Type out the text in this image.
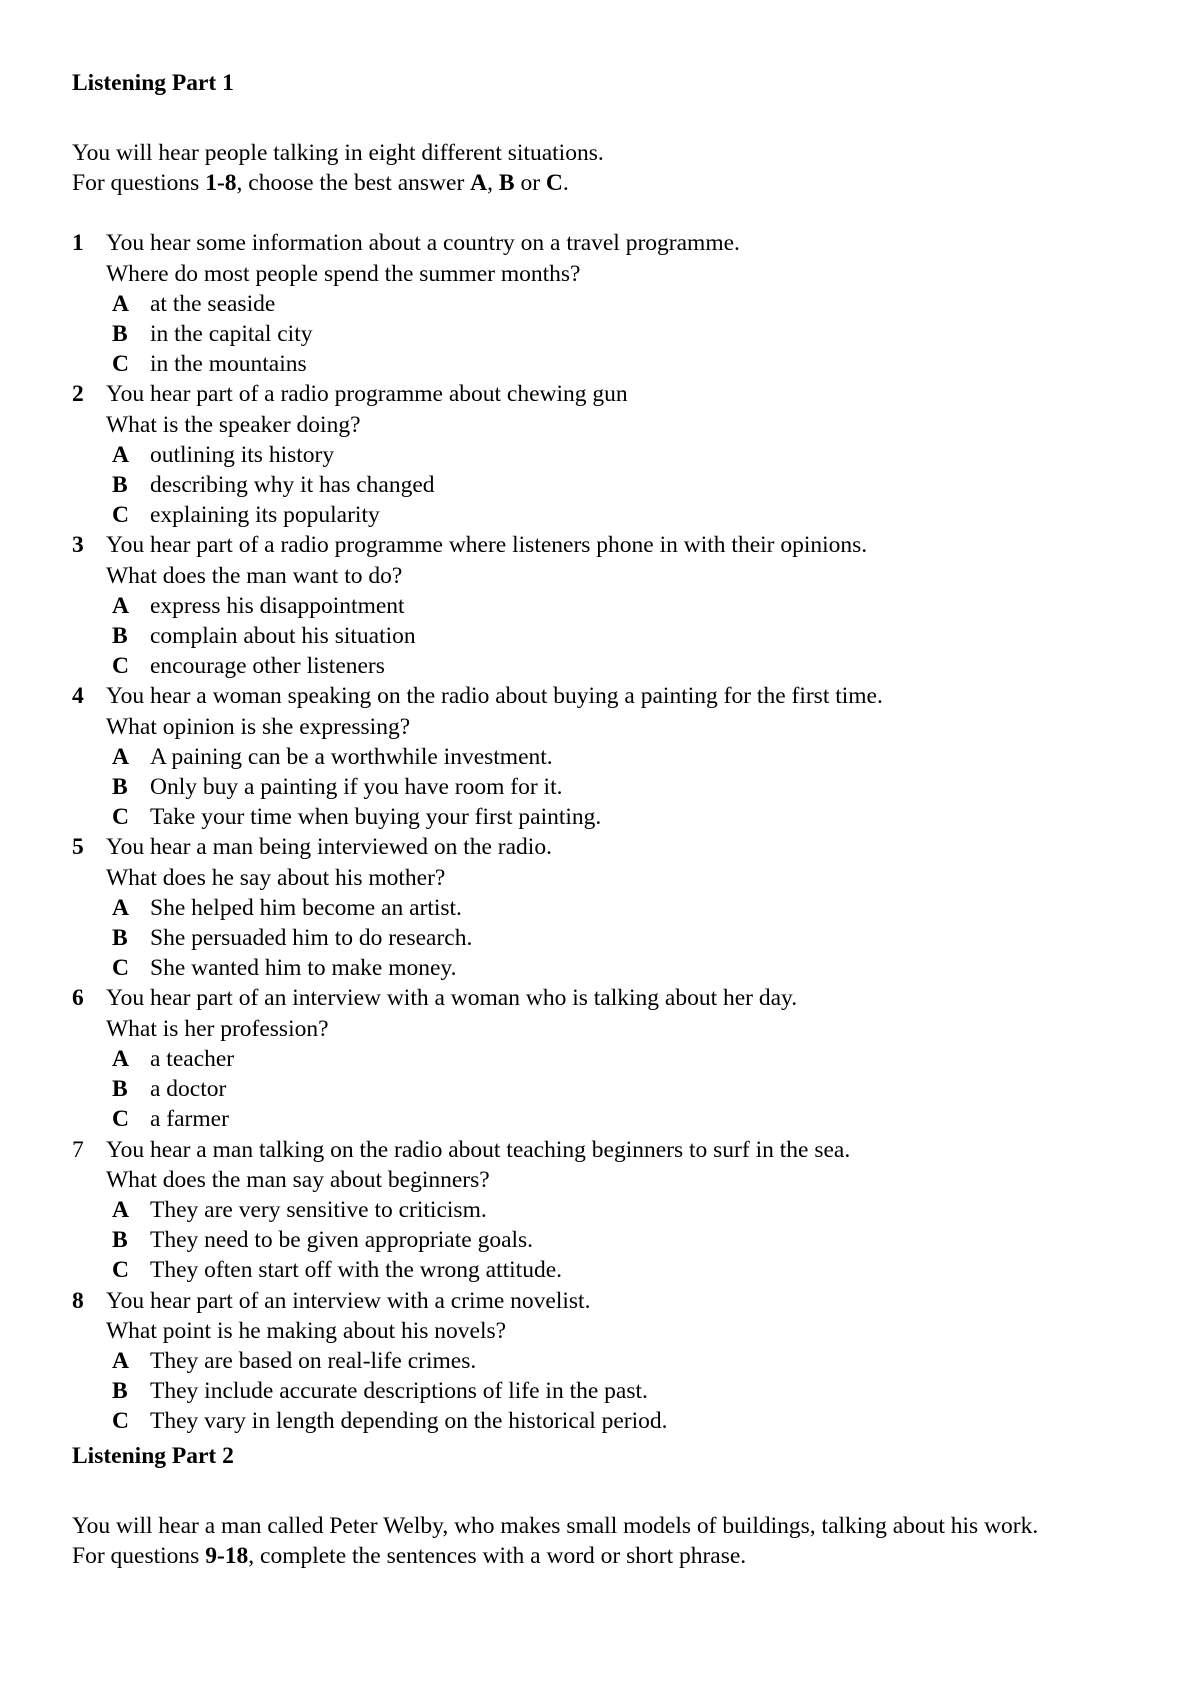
Listening Part 1
You will hear people talking in eight different situations.
For questions 1-8, choose the best answer A, B or C.
1 You hear some information about a country on a travel programme.
Where do most people spend the summer months?
A at the seaside
B in the capital city
C in the mountains
2 You hear part of a radio programme about chewing gun
What is the speaker doing?
A outlining its history
B describing why it has changed
C explaining its popularity
3 You hear part of a radio programme where listeners phone in with their opinions.
What does the man want to do?
A express his disappointment
B complain about his situation
C encourage other listeners
4 You hear a woman speaking on the radio about buying a painting for the first time.
What opinion is she expressing?
A A paining can be a worthwhile investment.
B Only buy a painting if you have room for it.
C Take your time when buying your first painting.
5 You hear a man being interviewed on the radio.
What does he say about his mother?
A She helped him become an artist.
B She persuaded him to do research.
C She wanted him to make money.
6 You hear part of an interview with a woman who is talking about her day.
What is her profession?
A a teacher
B a doctor
C a farmer
7 You hear a man talking on the radio about teaching beginners to surf in the sea.
What does the man say about beginners?
A They are very sensitive to criticism.
B They need to be given appropriate goals.
C They often start off with the wrong attitude.
8 You hear part of an interview with a crime novelist.
What point is he making about his novels?
A They are based on real-life crimes.
B They include accurate descriptions of life in the past.
C They vary in length depending on the historical period.
Listening Part 2
You will hear a man called Peter Welby, who makes small models of buildings, talking about his work.
For questions 9-18, complete the sentences with a word or short phrase.
